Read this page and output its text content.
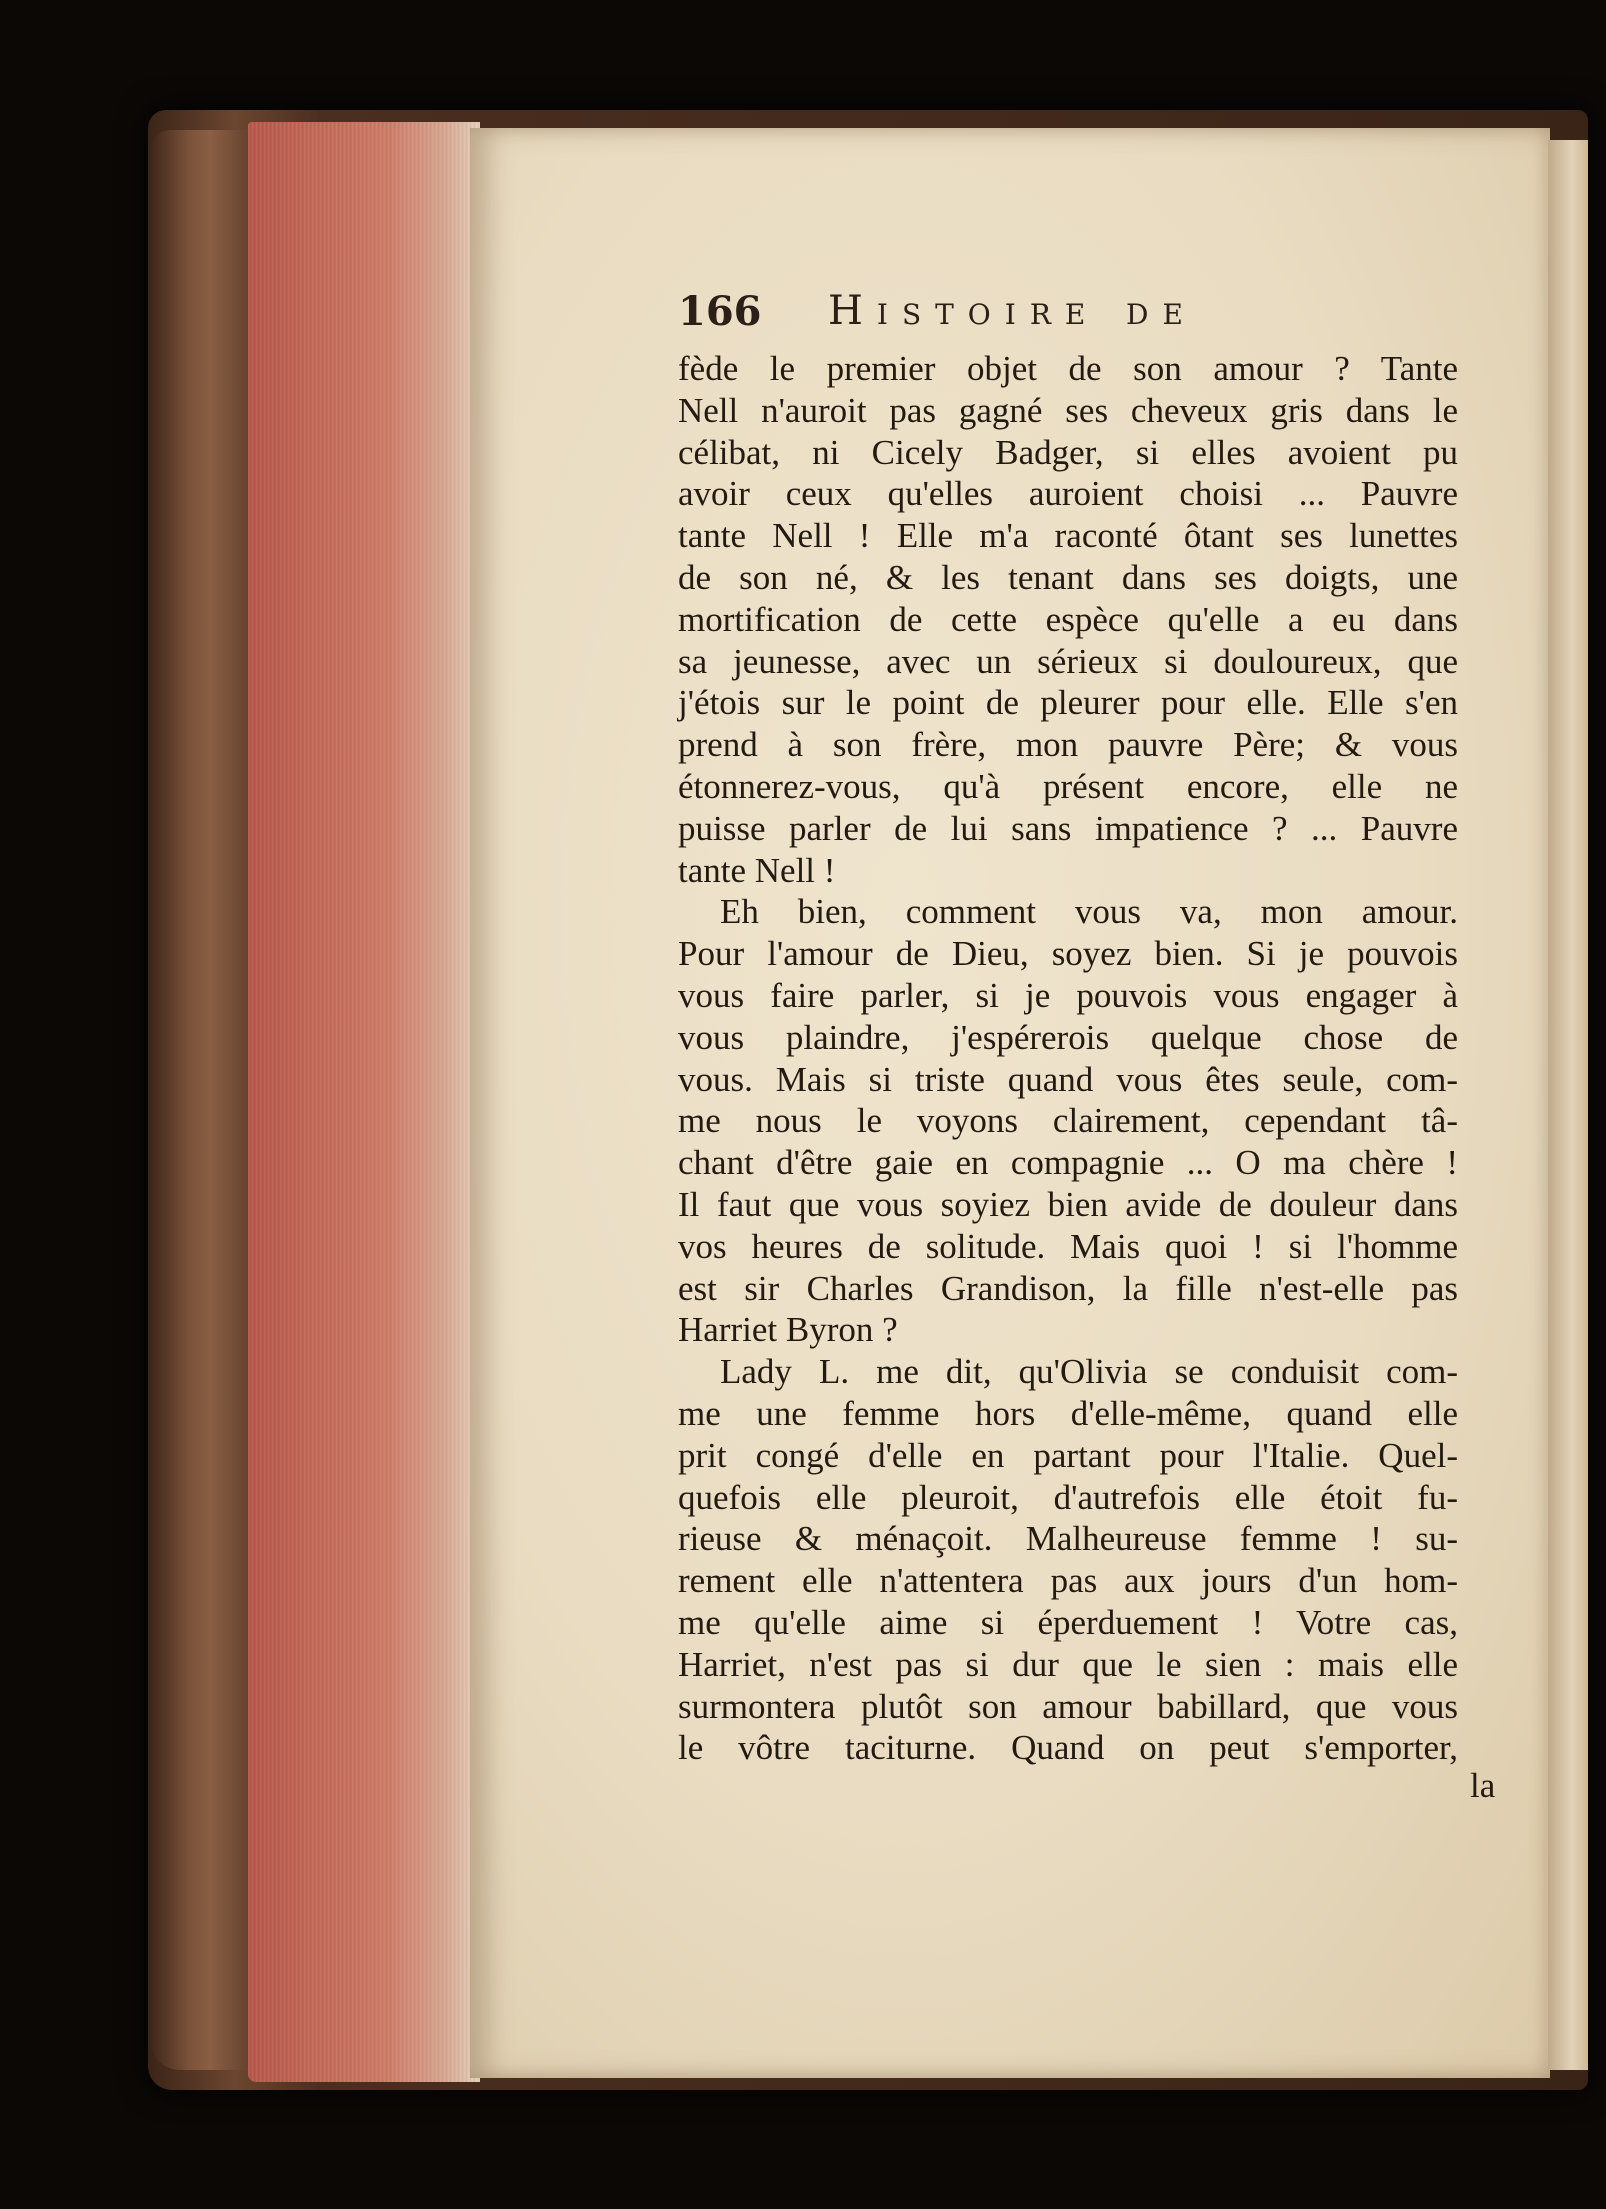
166 Histoire de
fède le premier objet de son amour ? Tante
Nell n'auroit pas gagné ses cheveux gris dans le
célibat, ni Cicely Badger, si elles avoient pu
avoir ceux qu'elles auroient choisi ... Pauvre
tante Nell ! Elle m'a raconté ôtant ses lunettes
de son né, & les tenant dans ses doigts, une
mortification de cette espèce qu'elle a eu dans
sa jeunesse, avec un sérieux si douloureux, que
j'étois sur le point de pleurer pour elle. Elle s'en
prend à son frère, mon pauvre Père; & vous
étonnerez-vous, qu'à présent encore, elle ne
puisse parler de lui sans impatience ? ... Pauvre
tante Nell !
Eh bien, comment vous va, mon amour.
Pour l'amour de Dieu, soyez bien. Si je pouvois
vous faire parler, si je pouvois vous engager à
vous plaindre, j'espérerois quelque chose de
vous. Mais si triste quand vous êtes seule, com-
me nous le voyons clairement, cependant tâ-
chant d'être gaie en compagnie ... O ma chère !
Il faut que vous soyiez bien avide de douleur dans
vos heures de solitude. Mais quoi ! si l'homme
est sir Charles Grandison, la fille n'est-elle pas
Harriet Byron ?
Lady L. me dit, qu'Olivia se conduisit com-
me une femme hors d'elle-même, quand elle
prit congé d'elle en partant pour l'Italie. Quel-
quefois elle pleuroit, d'autrefois elle étoit fu-
rieuse & ménaçoit. Malheureuse femme ! su-
rement elle n'attentera pas aux jours d'un hom-
me qu'elle aime si éperduement ! Votre cas,
Harriet, n'est pas si dur que le sien : mais elle
surmontera plutôt son amour babillard, que vous
le vôtre taciturne. Quand on peut s'emporter,
la
